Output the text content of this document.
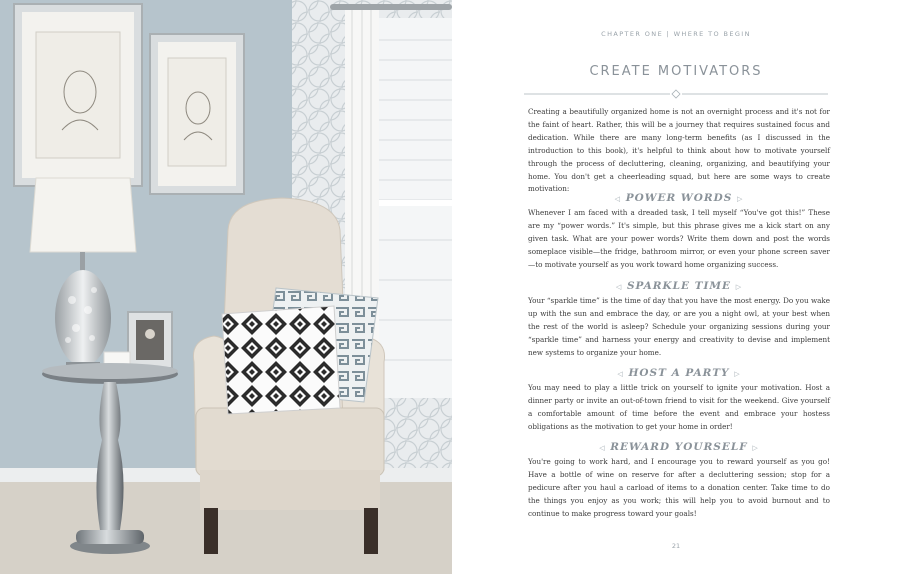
CHAPTER ONE | WHERE TO BEGIN
CREATE MOTIVATORS

Creating a beautifully organized home is not an overnight process and it's not for the faint of heart. Rather, this will be a journey that requires sustained focus and dedication. While there are many long-term benefits (as I discussed in the introduction to this book), it's helpful to think about how to motivate yourself through the process of decluttering, cleaning, organizing, and beautifying your home. You don't get a cheerleading squad, but here are some ways to create motivation:

◁ POWER WORDS ▷

Whenever I am faced with a dreaded task, I tell myself “You've got this!” These are my “power words.” It's simple, but this phrase gives me a kick start on any given task. What are your power words? Write them down and post the words someplace visible—the fridge, bathroom mirror, or even your phone screen saver—to motivate yourself as you work toward home organizing success.

◁ SPARKLE TIME ▷

Your “sparkle time” is the time of day that you have the most energy. Do you wake up with the sun and embrace the day, or are you a night owl, at your best when the rest of the world is asleep? Schedule your organizing sessions during your “sparkle time” and harness your energy and creativity to devise and implement new systems to organize your home.

◁ HOST A PARTY ▷

You may need to play a little trick on yourself to ignite your motivation. Host a dinner party or invite an out-of-town friend to visit for the weekend. Give yourself a comfortable amount of time before the event and embrace your hostess obligations as the motivation to get your home in order!

◁ REWARD YOURSELF ▷

You're going to work hard, and I encourage you to reward yourself as you go! Have a bottle of wine on reserve for after a decluttering session; stop for a pedicure after you haul a carload of items to a donation center. Take time to do the things you enjoy as you work; this will help you to avoid burnout and to continue to make progress toward your goals!

21
